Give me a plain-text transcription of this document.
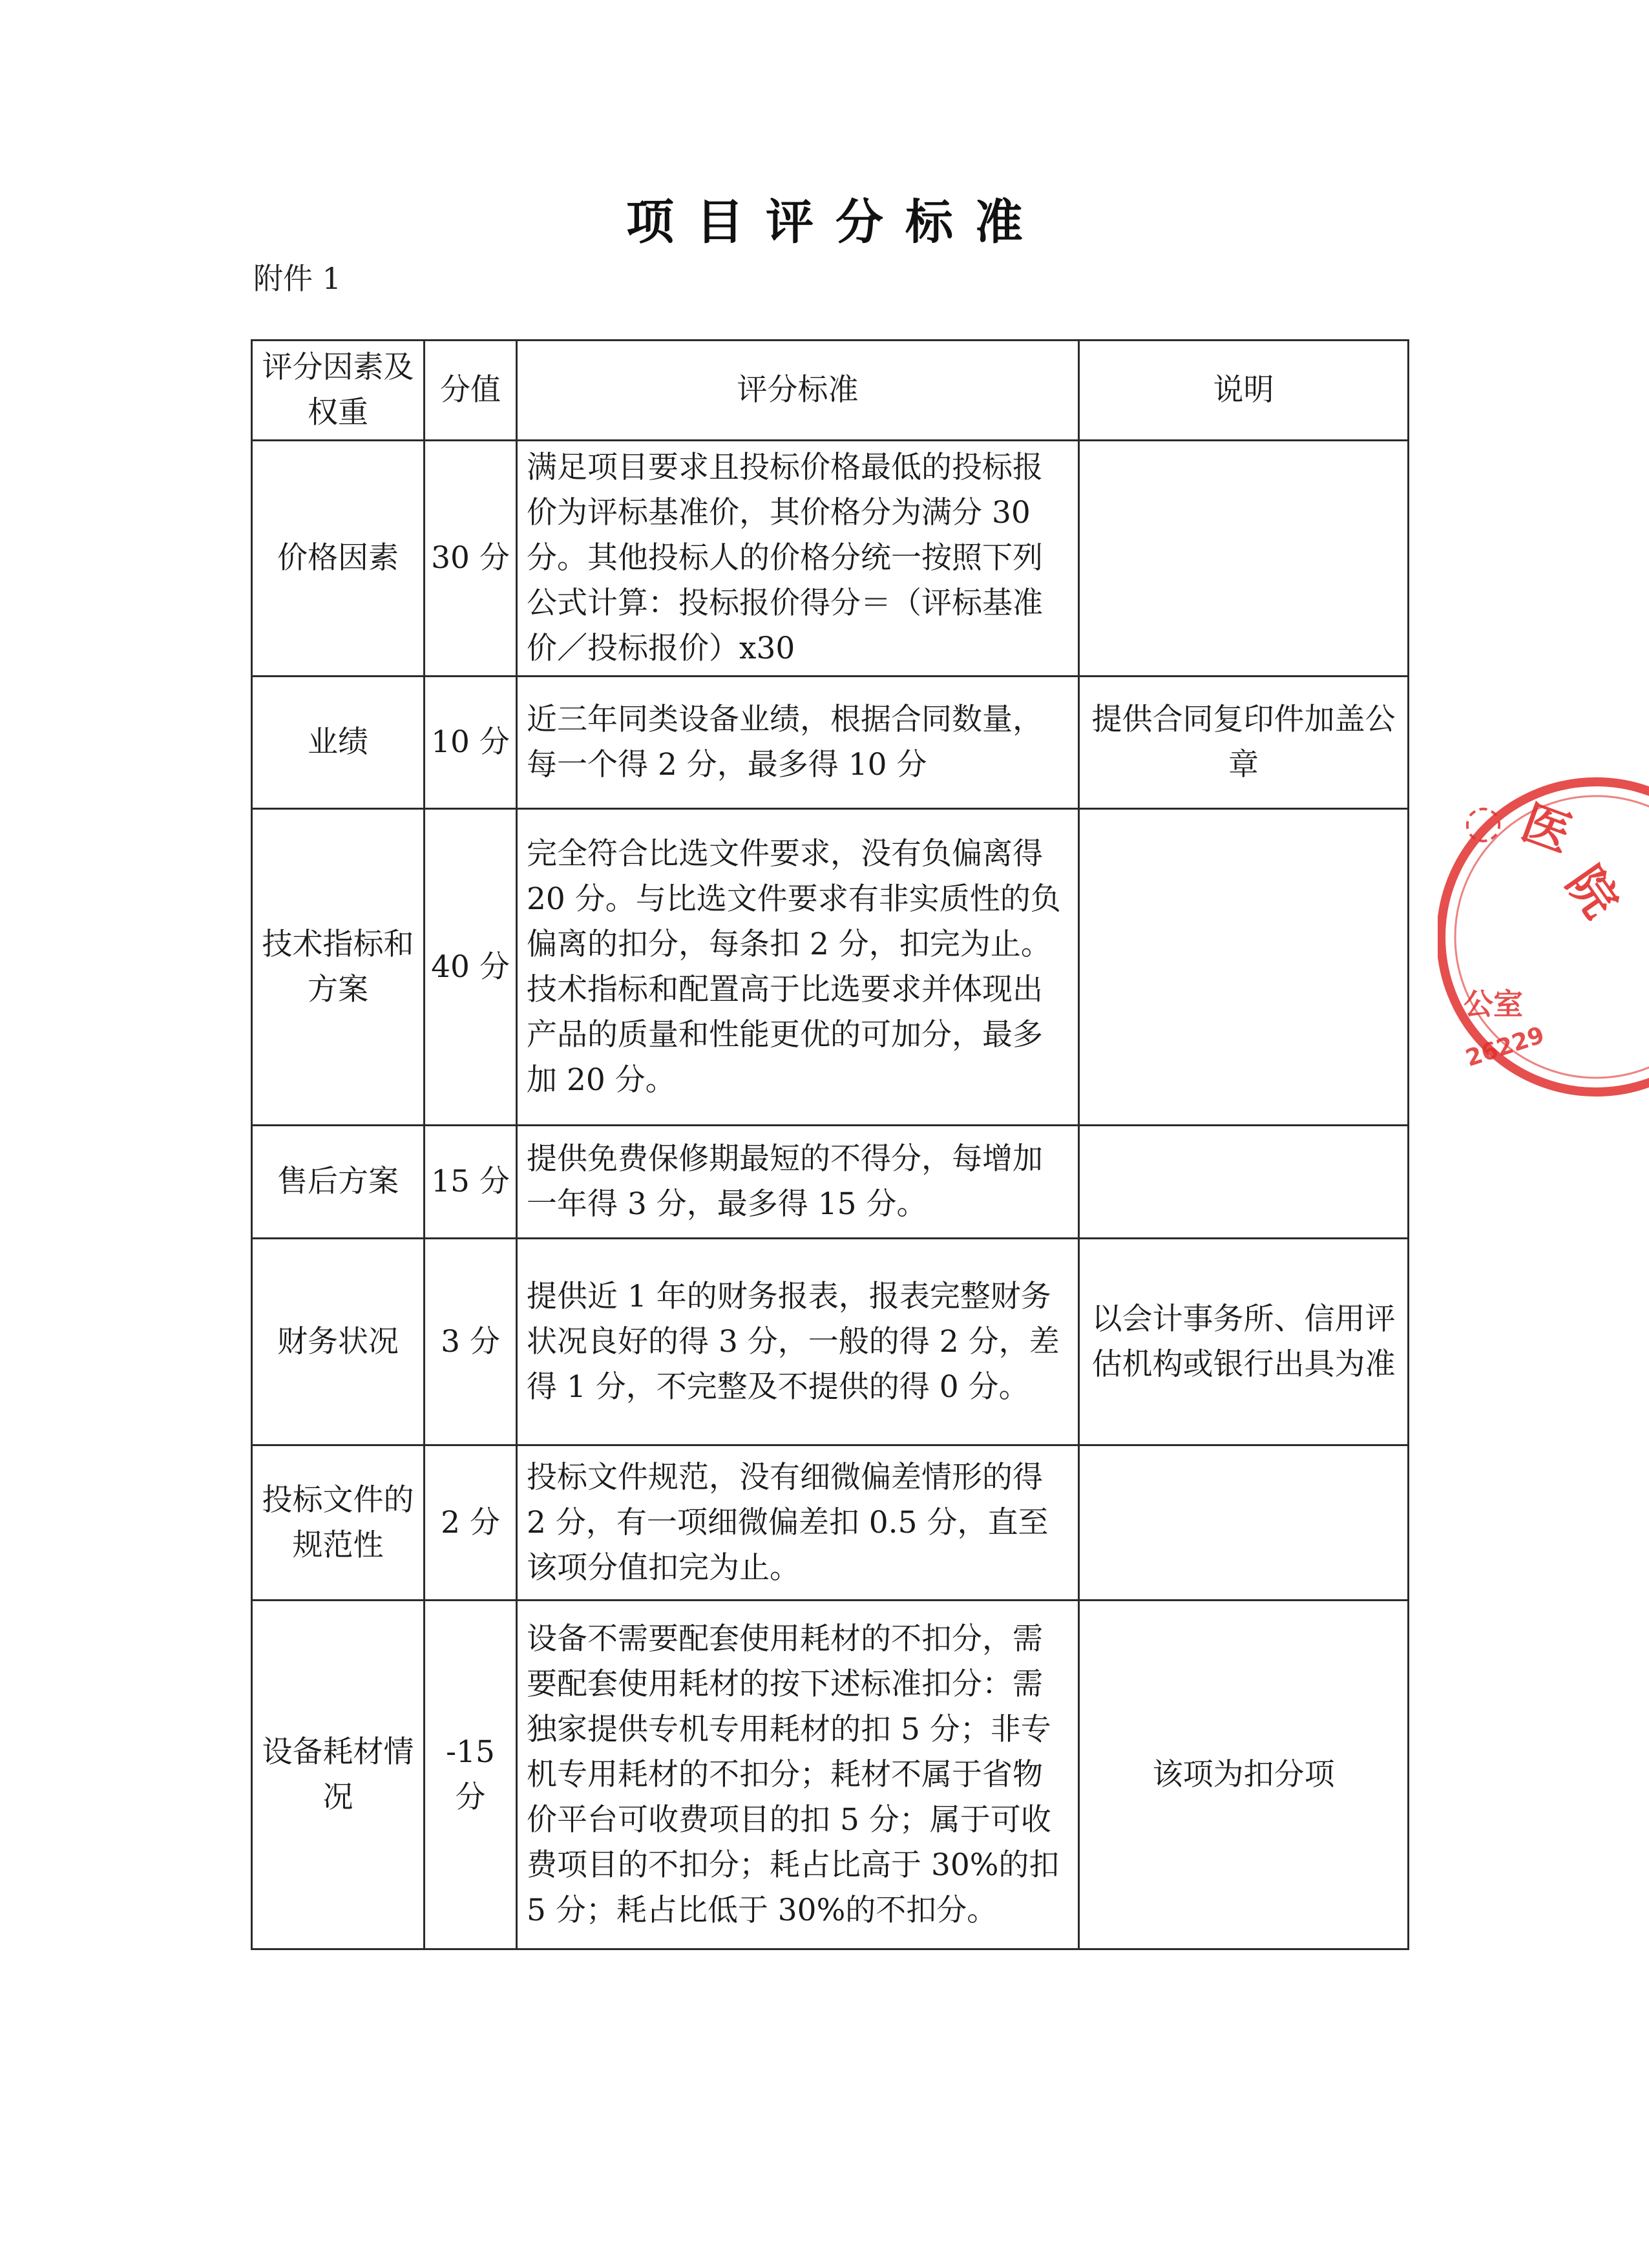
项目评分标准
附件 1
评分因素及权重	分值	评分标准	说明
价格因素	30 分	满足项目要求且投标价格最低的投标报价为评标基准价，其价格分为满分 30 分。其他投标人的价格分统一按照下列公式计算：投标报价得分＝（评标基准价／投标报价）x30	
业绩	10 分	近三年同类设备业绩，根据合同数量，每一个得 2 分，最多得 10 分	提供合同复印件加盖公章
技术指标和方案	40 分	完全符合比选文件要求，没有负偏离得 20 分。与比选文件要求有非实质性的负偏离的扣分，每条扣 2 分，扣完为止。技术指标和配置高于比选要求并体现出产品的质量和性能更优的可加分，最多加 20 分。	
售后方案	15 分	提供免费保修期最短的不得分，每增加一年得 3 分，最多得 15 分。	
财务状况	3 分	提供近 1 年的财务报表，报表完整财务状况良好的得 3 分，一般的得 2 分，差得 1 分，不完整及不提供的得 0 分。	以会计事务所、信用评估机构或银行出具为准
投标文件的规范性	2 分	投标文件规范，没有细微偏差情形的得 2 分，有一项细微偏差扣 0.5 分，直至该项分值扣完为止。	
设备耗材情况	-15 分	设备不需要配套使用耗材的不扣分，需要配套使用耗材的按下述标准扣分：需独家提供专机专用耗材的扣 5 分；非专机专用耗材的不扣分；耗材不属于省物价平台可收费项目的扣 5 分；属于可收费项目的不扣分；耗占比高于 30%的扣 5 分；耗占比低于 30%的不扣分。	该项为扣分项
◌ 医
院
公室
26229
